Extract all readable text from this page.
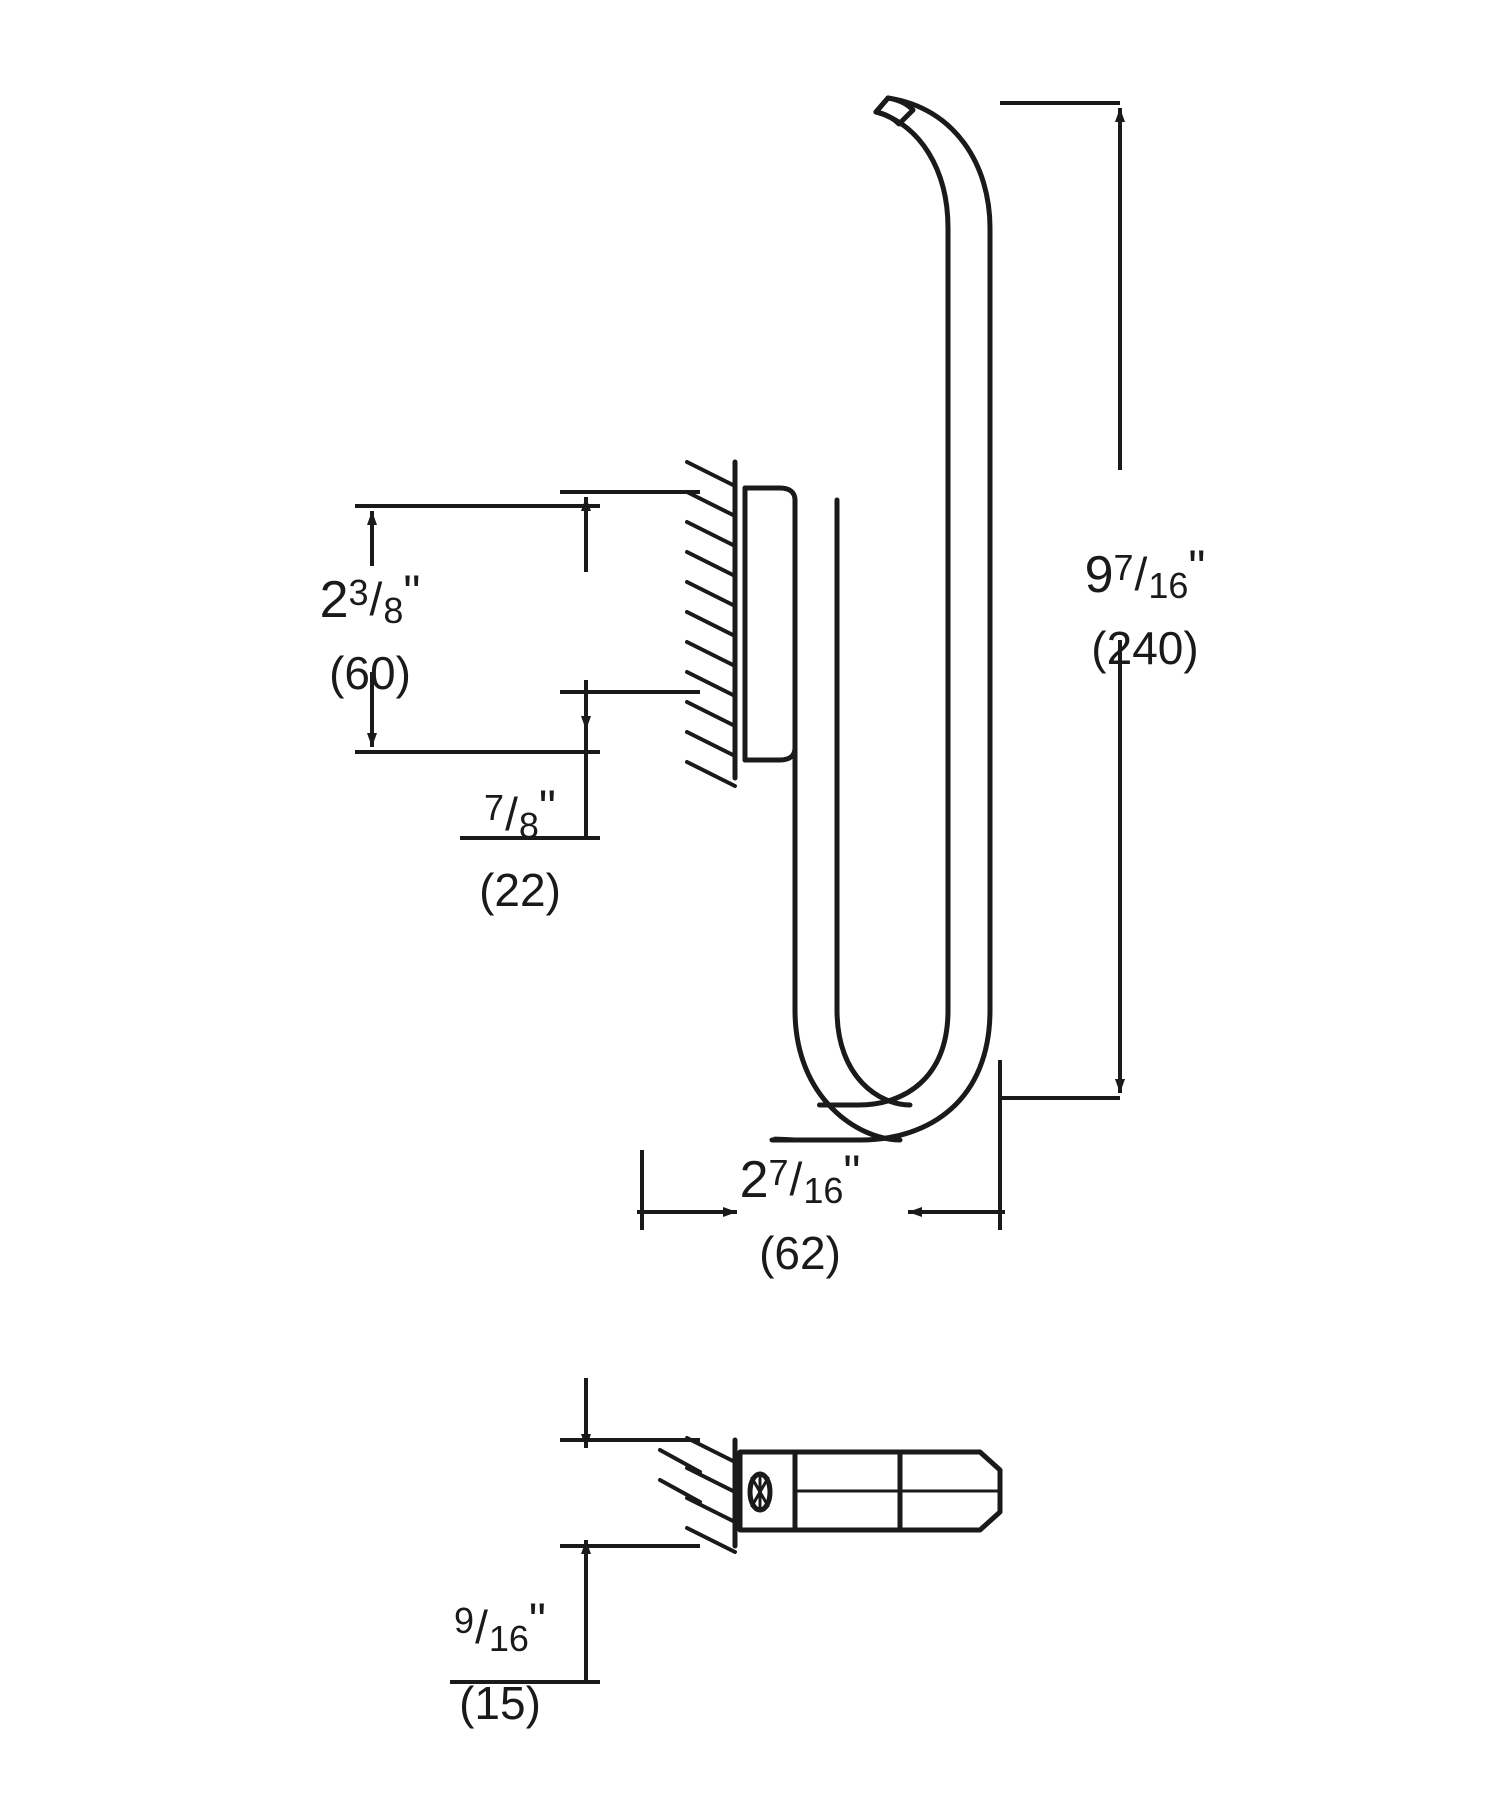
23/8"
(60)
7/8"
(22)
97/16"
(240)
27/16"
(62)
9/16"
(15)
